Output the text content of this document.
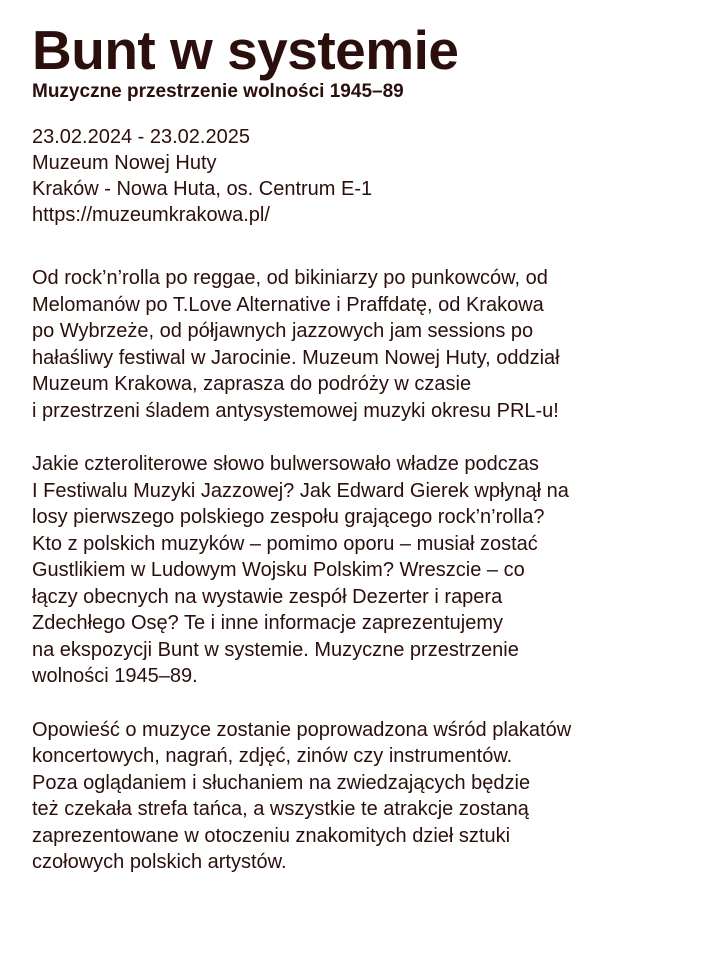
Bunt w systemie
Muzyczne przestrzenie wolności 1945–89
23.02.2024 - 23.02.2025
Muzeum Nowej Huty
Kraków - Nowa Huta, os. Centrum E-1
https://muzeumkrakowa.pl/

Od rock’n’rolla po reggae, od bikiniarzy po punkowców, od
Melomanów po T.Love Alternative i Praffdatę, od Krakowa
po Wybrzeże, od półjawnych jazzowych jam sessions po
hałaśliwy festiwal w Jarocinie. Muzeum Nowej Huty, oddział
Muzeum Krakowa, zaprasza do podróży w czasie
i przestrzeni śladem antysystemowej muzyki okresu PRL-u!

Jakie czteroliterowe słowo bulwersowało władze podczas
I Festiwalu Muzyki Jazzowej? Jak Edward Gierek wpłynął na
losy pierwszego polskiego zespołu grającego rock’n’rolla?
Kto z polskich muzyków – pomimo oporu – musiał zostać
Gustlikiem w Ludowym Wojsku Polskim? Wreszcie – co
łączy obecnych na wystawie zespół Dezerter i rapera
Zdechłego Osę? Te i inne informacje zaprezentujemy
na ekspozycji Bunt w systemie. Muzyczne przestrzenie
wolności 1945–89.

Opowieść o muzyce zostanie poprowadzona wśród plakatów
koncertowych, nagrań, zdjęć, zinów czy instrumentów.
Poza oglądaniem i słuchaniem na zwiedzających będzie
też czekała strefa tańca, a wszystkie te atrakcje zostaną
zaprezentowane w otoczeniu znakomitych dzieł sztuki
czołowych polskich artystów.
